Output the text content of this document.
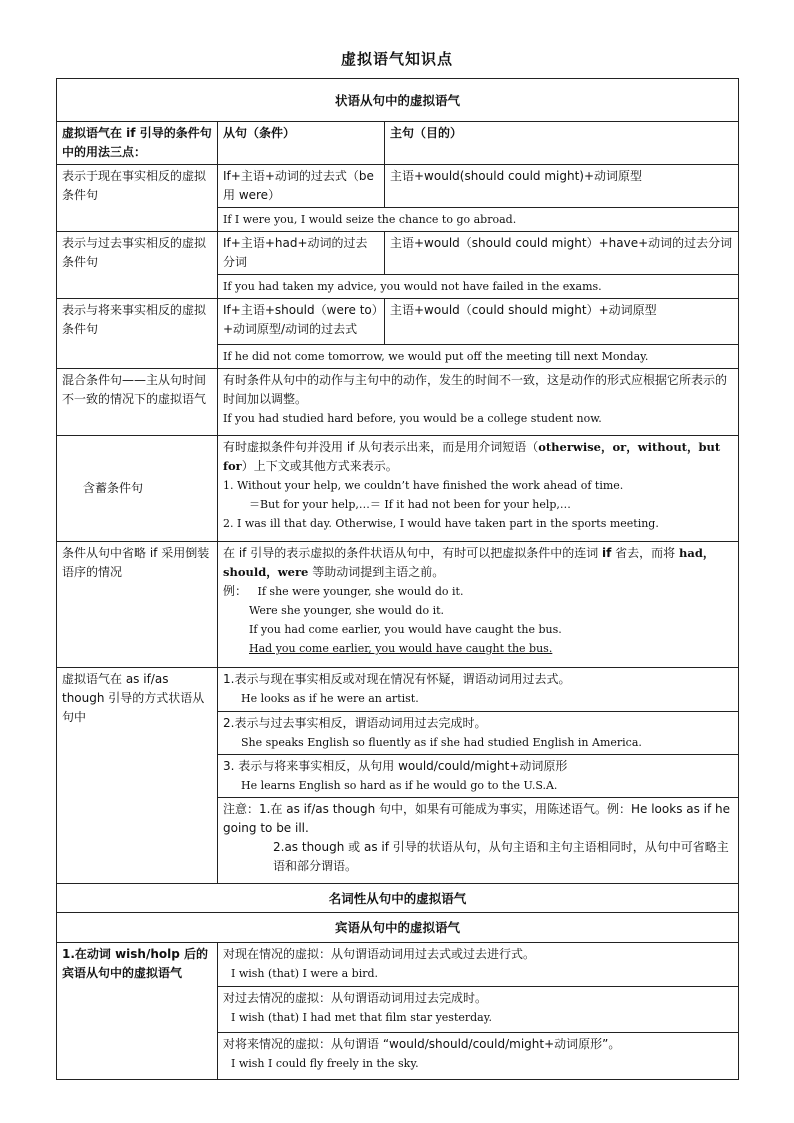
虚拟语气知识点
状语从句中的虚拟语气		
虚拟语气在 if 引导的条件句中的用法三点：	从句（条件）	主句（目的）
表示于现在事实相反的虚拟条件句	If+主语+动词的过去式（be 用 were）	主语+would(should could might)+动词原型
	If I were you, I would seize the chance to go abroad.	
表示与过去事实相反的虚拟条件句	If+主语+had+动词的过去分词	主语+would（should could might）+have+动词的过去分词
	If you had taken my advice, you would not have failed in the exams.	
表示与将来事实相反的虚拟条件句	If+主语+should（were to）+动词原型/动词的过去式	主语+would（could should might）+动词原型
	If he did not come tomorrow, we would put off the meeting till next Monday.	
混合条件句——主从句时间不一致的情况下的虚拟语气	有时条件从句中的动作与主句中的动作，发生的时间不一致，这是动作的形式应根据它所表示的时间加以调整。
If you had studied hard before, you would be a college student now.	

含蓄条件句	有时虚拟条件句并没用 if 从句表示出来，而是用介词短语（otherwise，or，without，but for）上下文或其他方式来表示。
1. Without your help, we couldn’t have finished the work ahead of time.
＝But for your help,…＝ If it had not been for your help,…
2. I was ill that day. Otherwise, I would have taken part in the sports meeting.	

条件从句中省略 if 采用倒装语序的情况	在 if 引导的表示虚拟的条件状语从句中，有时可以把虚拟条件中的连词 if 省去，而将 had，should，were 等助动词提到主语之前。
例： If she were younger, she would do it.
Were she younger, she would do it.
If you had come earlier, you would have caught the bus.
Had you come earlier, you would have caught the bus.	

虚拟语气在 as if/as though 引导的方式状语从句中	1.表示与现在事实相反或对现在情况有怀疑，谓语动词用过去式。
He looks as if he were an artist.	

	2.表示与过去事实相反，谓语动词用过去完成时。
She speaks English so fluently as if she had studied English in America.	

	3. 表示与将来事实相反，从句用 would/could/might+动词原形
He learns English so hard as if he would go to the U.S.A.	

	注意：1.在 as if/as though 句中，如果有可能成为事实，用陈述语气。例：He looks as if he going to be ill.
2.as though 或 as if 引导的状语从句，从句主语和主句主语相同时，从句中可省略主语和部分谓语。	

名词性从句中的虚拟语气		
宾语从句中的虚拟语气		
1.在动词 wish/holp 后的宾语从句中的虚拟语气	对现在情况的虚拟：从句谓语动词用过去式或过去进行式。
I wish (that) I were a bird.	

	对过去情况的虚拟：从句谓语动词用过去完成时。
I wish (that) I had met that film star yesterday.	

	对将来情况的虚拟：从句谓语 “would/should/could/might+动词原形”。
I wish I could fly freely in the sky.	
